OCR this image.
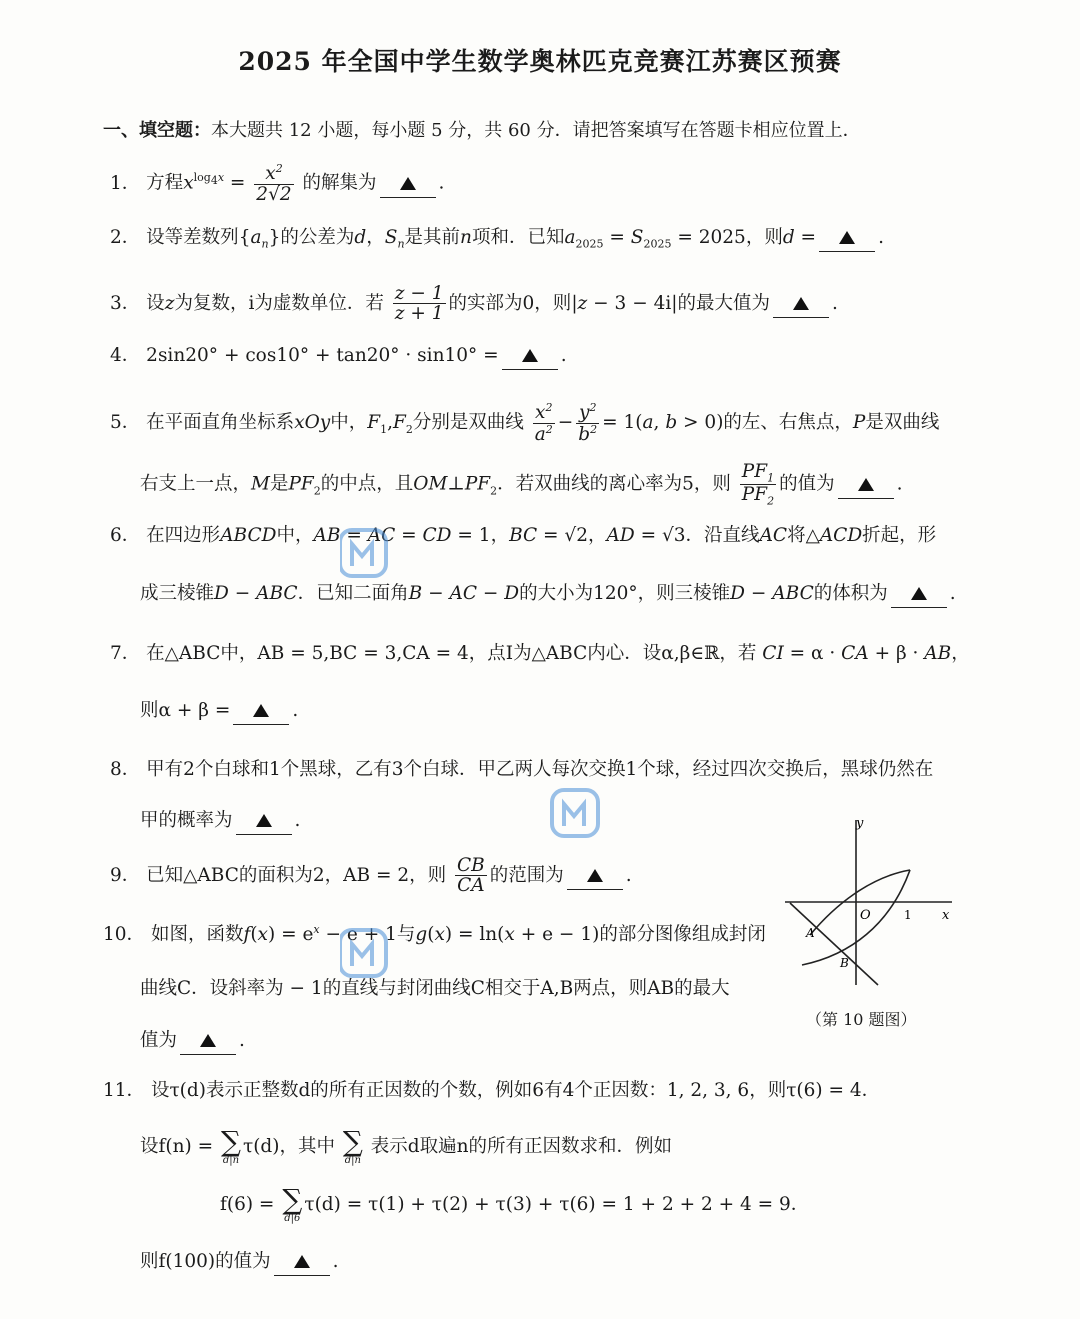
2025 年全国中学生数学奥林匹克竞赛江苏赛区预赛
一、填空题：本大题共 12 小题，每小题 5 分，共 60 分．请把答案填写在答题卡相应位置上．
1． 方程$x^{log_4x} = \frac{x^2}{2√2}$ 的解集为	.
2． 设等差数列$\{a_n\}$的公差为d，$S_n$是其前n项和．已知$a_{2025} = S_{2025} = 2025$，则d =	.
3． 设z为复数，i为虚数单位．若 $\frac{z - 1}{z + 1}$ 的实部为0，则|z − 3 − 4i|的最大值为	.
4． 2sin20° + cos10° + tan20° · sin10° =	.
5． 在平面直角坐标系xOy中，$F_1,F_2$分别是双曲线 $\frac{x^2}{a^2} - \frac{y^2}{b^2} = 1(a$, b > 0)的左、右焦点，P是双曲线
右支上一点，M是$PF_2$的中点，且$OM\perp PF_2$．若双曲线的离心率为5，则 $\frac{PF_1}{PF_2}$ 的值为	.
6． 在四边形ABCD中，AB = AC = CD = 1，BC = √2，AD = √3．沿直线AC将△ACD折起，形
成三棱锥D − ABC．已知二面角B − AC − D的大小为120°，则三棱锥D − ABC的体积为	.
7． 在△ABC中，AB = 5,BC = 3,CA = 4，点I为△ABC内心．设α,β∈ℝ，若 CI = α · CA + β · AB，
则α + β =	.
8． 甲有2个白球和1个黑球，乙有3个白球．甲乙两人每次交换1个球，经过四次交换后，黑球仍然在
甲的概率为	.
9． 已知△ABC的面积为2，AB = 2，则 $\frac{CB}{CA}$ 的范围为	.
10． 如图，函数$f(x) = e^x - e + 1$与g(x) = ln(x + e − 1)的部分图像组成封闭
曲线C．设斜率为 − 1的直线与封闭曲线C相交于A,B两点，则AB的最大
值为	.
y
x
O	1
A
B
（第 10 题图）
11． 设τ(d)表示正整数d的所有正因数的个数，例如6有4个正因数：1, 2, 3, 6，则τ(6) = 4．
设f(n) = ∑
d|n
τ(d)，其中 ∑
d|n
表示d取遍n的所有正因数求和．例如
f(6) = ∑
d|6
τ(d) = τ(1) + τ(2) + τ(3) + τ(6) = 1 + 2 + 2 + 4 = 9．
则f(100)的值为	.
